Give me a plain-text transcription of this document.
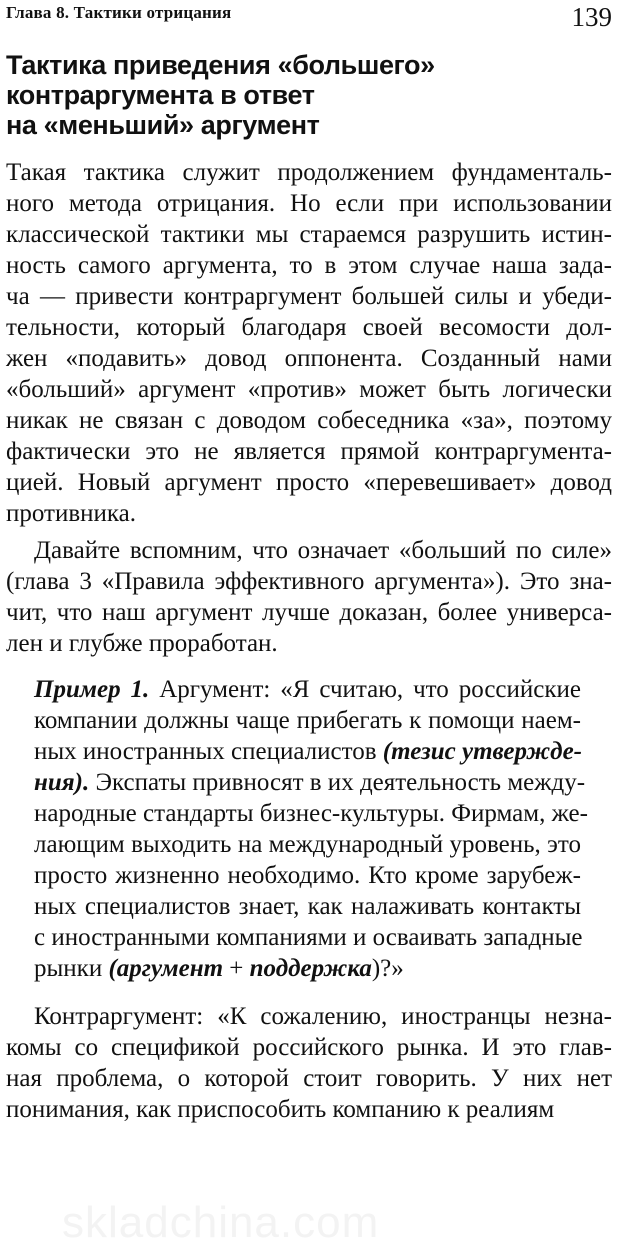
Глава 8. Тактики отрицания	139
Тактика приведения «большего»
контраргумента в ответ
на «меньший» аргумент
Такая тактика служит продолжением фундаменталь-
ного метода отрицания. Но если при использовании
классической тактики мы стараемся разрушить истин-
ность самого аргумента, то в этом случае наша зада-
ча — привести контраргумент большей силы и убеди-
тельности, который благодаря своей весомости дол-
жен «подавить» довод оппонента. Созданный нами
«больший» аргумент «против» может быть логически
никак не связан с доводом собеседника «за», поэтому
фактически это не является прямой контраргумента-
цией. Новый аргумент просто «перевешивает» довод
противника.
Давайте вспомним, что означает «больший по силе»
(глава 3 «Правила эффективного аргумента»). Это зна-
чит, что наш аргумент лучше доказан, более универса-
лен и глубже проработан.
Пример 1. Аргумент: «Я считаю, что российские
компании должны чаще прибегать к помощи наем-
ных иностранных специалистов (тезис утвержде-
ния). Экспаты привносят в их деятельность между-
народные стандарты бизнес-культуры. Фирмам, же-
лающим выходить на международный уровень, это
просто жизненно необходимо. Кто кроме зарубеж-
ных специалистов знает, как налаживать контакты
с иностранными компаниями и осваивать западные
рынки (аргумент + поддержка)?»
Контраргумент: «К сожалению, иностранцы незна-
комы со спецификой российского рынка. И это глав-
ная проблема, о которой стоит говорить. У них нет
понимания, как приспособить компанию к реалиям
skladchina.com
